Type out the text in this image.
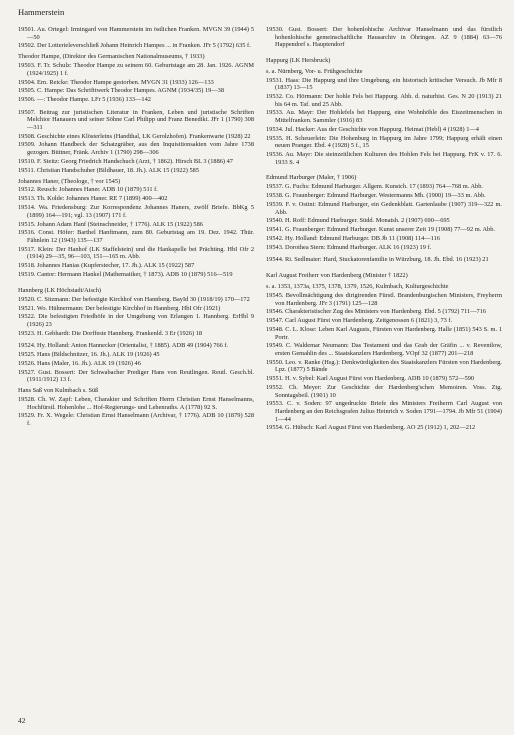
Hammerstein
19501. Au. Ortegel: Irmingard von Hammerstein im östlichen Franken. MVGN 39 (1944) 5—50
19502. Der Lotterieleverschließ Johann Heinrich Hampes ... in Franken. JFr 5 (1792) 635 f.
Theodor Hampe, (Direktor des Germanischen Nationalmuseums, † 1933)
19503. F. Tr. Schulz: Theodor Hampe zu seinem 60. Geburtstage am 28. Jan. 1926. AGNM (1924/1925) 1 f.
19504. Ern. Reicke: Theodor Hampe gestorben. MVGN 31 (1933) 126—133
19505. C. Hampe: Das Schrifttwerk Theodor Hampes. AGNM (1934/35) 19—38
19506. —: Theodor Hampe. LFr 5 (1936) 133—142
19507. Beitrag zur juristischen Literatur in Franken, Leben und juristische Schriften Melchior Hanauers und seiner Söhne Carl Philipp und Franz Benedikt. JFr 1 (1790) 308—311
19508. Geschichte eines Klösterleins (Handthal, LK Gerolzhofen). Frankenwarte (1928) 22
19509. Johann Handbeck der Schatzgräber, aus den Inquisitionsakten vom Jahre 1738 gezogen. Büttner, Fränk. Archiv 1 (1790) 298—306
19510. F. Steitz: Georg Friedrich Handschuch (Arzt, † 1862). Hirsch BL 3 (1886) 47
19511. Christian Handschuher (Bildhauer, 18. Jh.). ALK 15 (1922) 585
Johannes Haner, (Theologe, † vor 1545)
19512. Reusch: Johannes Haner. ADB 10 (1879) 511 f.
19513. Th. Kolde: Johannes Haner. RE 7 (1899) 400—402
19514. Wa. Friedensburg: Zur Korrespondenz Johannes Haners, zwölf Briefe. BbKg 5 (1899) 164—191; vgl. 13 (1907) 171 f.
19515. Johann Adam Hanf (Steinschneider, † 1776). ALK 15 (1922) 586
19516. Const. Höfer: Barthel Hanftmann, zum 80. Geburtstag am 19. Dez. 1942. Thür. Fähnlein 12 (1943) 135—137
19517. Klein: Der Hanhof (LK Staffelstein) und die Hankapelle bei Prächting. HbI Ofr 2 (1914) 29—35, 96—103, 151—165 m. Abb.
19518. Johannes Hanias (Kupferstecher, 17. Jh.). ALK 15 (1922) 587
19519. Cantor: Hermann Hankel (Mathematiker, † 1873). ADB 10 (1879) 516—519
Hannberg (LK Höchstadt/Aisch)
19520. C. Sitzmann: Der befestigte Kirchhof von Hannberg. BayId 30 (1918/19) 170—172
19521. Wo. Hühnermann: Der befestigte Kirchhof in Hannberg. HbI Ofr (1921)
19522. Die befestigten Friedhöfe in der Umgebung von Erlangen 1. Hannberg. ErHbl 9 (1926) 23
19523. H. Gebhardt: Die Dorffeste Hannberg. Frankenld. 3 Er (1926) 18
19524. Hy. Holland: Anton Hannecker (Orientalist, † 1885). ADB 49 (1904) 766 f.
19525. Hans (Bildschnitzer, 16. Jh.). ALK 19 (1926) 45
19526. Hans (Maler, 16. Jh.). ALK 19 (1926) 46
19527. Gust. Bossert: Der Schwabacher Prediger Hans von Reutlingen. Reutl. Gesch.bl. (1911/1912) 13 f.
Hans Saß von Kulmbach s. Süß
19528. Ch. W. Zapf: Leben, Charakter und Schriften Herrn Christian Ernst Hanselmanns, Hochfürstl. Hohenlohe ... Hof-Regierungs- und Lehenraths. A (1778) 92 S.
19529. Fr. X. Wegele: Christian Ernst Hanselmann (Archivar, † 1776). ADB 10 (1879) 528 f.
19530. Gust. Bossert: Der hohenlohische Archivar Hanselmann und das fürstlich hohenlohische gemeinschaftliche Hausarchiv in Öhringen. AZ 9 (1884) 63—76 Happendorf s. Hauptendorf
Happurg (LK Hersbruck)
s. a. Nürnberg, Vor- u. Frühgeschichte
19531. Haas: Die Happurg und ihre Umgebung, ein historisch kritischer Versuch. Jb Mfr 8 (1837) 13—15
19532. Co. Hörmann: Der hohle Fels bei Happurg. Abh. d. naturhist. Ges. N 20 (1913) 21 bis 64 m. Taf. und 25 Abb.
19533. Au. Mayr: Der Hohlefels bei Happurg, eine Wohnhöhle des Eiszeitmenschen in Mittelfranken. Sammler (1916) 83
19534. Jul. Hacker: Aus der Geschichte von Happurg. Heimat (Hebl) 4 (1928) 1—4
19535. H. Scheuerlein: Die Hohenburg in Happurg im Jahre 1799; Happurg erhält einen neuen Pranger. Ebd. 4 (1928) 5 f., 15
19536. Au. Mayr: Die steinzeitlichen Kulturen des Hohlen Fels bei Happurg. FrK v. 17. 6. 1933 S. 4
Edmund Harburger (Maler, † 1906)
19537. G. Fuchs: Edmund Harburger. Allgem. Kunstch. 17 (1893) 764—768 m. Abb.
19538. G. Fraunberger: Edmund Harburger. Westermanns Mh. (1900) 19—33 m. Abb.
19539. F. v. Ostini: Edmund Harburger, ein Gedenkblatt. Gartenlaube (1907) 319—322 m. Abb.
19540. H. Roff: Edmund Harburger. Südd. Monatsh. 2 (1907) 690—695
19541. G. Fraunberger: Edmund Harburger. Kunst unserer Zeit 19 (1908) 77—92 m. Abb.
19542. Hy. Holland: Edmund Harburger. DB Jb 11 (1908) 114—116
19543. Dorothea Stern: Edmund Harburger. ALK 16 (1923) 19 f.
19544. Ri. Sedlmaier: Hard, Stuckatorenfamilie in Würzburg, 18. Jh. Ebd. 16 (1923) 21
Karl August Freiherr von Hardenberg (Minister † 1822)
s. a. 1353, 1373a, 1375, 1378, 1379, 1526, Kulmbach, Kulturgeschichte
19545. Bevollmächtigung des dirigirenden Fürstl. Brandenburgischen Ministers, Freyherrn von Hardenberg. JFr 3 (1791) 125—128
19546. Charakteristischer Zug des Ministers von Hardenberg. Ebd. 5 (1792) 711—716
19547. Carl August Fürst von Hardenberg. Zeitgenossen 6 (1821) 3, 73 f.
19548. C. L. Klose: Leben Karl Augusts, Fürsten von Hardenberg. Halle (1851) 543 S. m. 1 Portr.
19549. C. Waldemar Neumann: Das Testament und das Grab der Gräfin ... v. Reventlow, ersten Gemahlin des ... Staatskanzlers Hardenberg. VOpf 32 (1877) 201—218
19550. Leo. v. Ranke (Hsg.): Denkwürdigkeiten des Staatskanzlers Fürsten von Hardenberg. Lpz. (1877) 5 Bände
19551. H. v. Sybel: Karl August Fürst von Hardenberg. ADB 10 (1879) 572—590
19552. Ch. Meyer: Zur Geschichte der Hardenberg'schen Memoiren. Voss. Ztg. Sonntagsbeil. (1901) 10
19553. C. v. Soden: 97 ungedruckte Briefe des Ministers Freiherrn Carl August von Hardenberg an den Reichsgrafen Julius Heinrich v. Soden 1791—1794. Jb Mfr 51 (1904) 1—44
19554. G. Hübsch: Karl August Fürst von Hardenberg. AO 25 (1912) 1, 202—212
42
